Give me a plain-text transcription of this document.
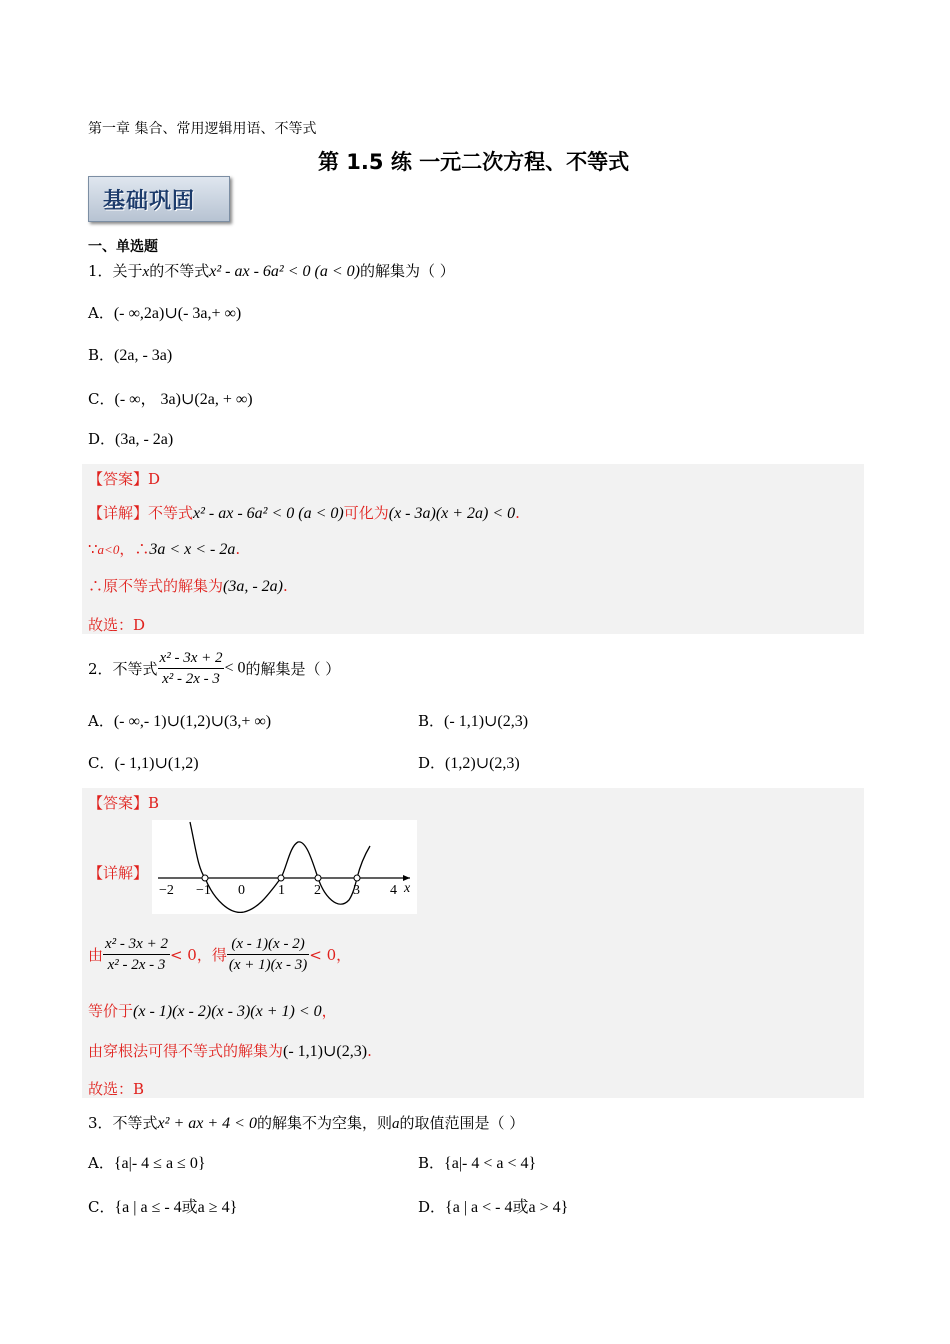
第一章 集合、常用逻辑用语、不等式
第 1.5 练 一元二次方程、不等式
基础巩固
一、单选题
1．关于x的不等式x² - ax - 6a² < 0 (a < 0)的解集为（ ）
A．(- ∞,2a)∪(- 3a,+ ∞)
B．(2a, - 3a)
C．(- ∞， 3a)∪(2a, + ∞)
D．(3a, - 2a)
【答案】D
【详解】不等式x² - ax - 6a² < 0 (a < 0)可化为(x - 3a)(x + 2a) < 0.
∵a<0，∴3a < x < - 2a.
∴原不等式的解集为(3a, - 2a).
故选：D
2．不等式 $\frac{\text{x² - 3x + 2}}{\text{x² - 2x - 3}} < 0$的解集是（ ）
A．(- ∞,- 1)∪(1,2)∪(3,+ ∞)	B．(- 1,1)∪(2,3)
C．(- 1,1)∪(1,2)	D．(1,2)∪(2,3)
【答案】B
【详解】
−2 −1 0 1 2 3 4 x
由 $\frac{\text{x² - 3x + 2}}{\text{x² - 2x - 3}} < 0$，得 $\frac{(x - 1)(x - 2)}{(x + 1)(x - 3)} < 0$，
等价于(x - 1)(x - 2)(x - 3)(x + 1) < 0，
由穿根法可得不等式的解集为(- 1,1)∪(2,3).
故选：B
3．不等式x² + ax + 4 < 0的解集不为空集，则a的取值范围是（ ）
A．{a|- 4 ≤ a ≤ 0}	B．{a|- 4 < a < 4}
C．{a | a ≤ - 4或a ≥ 4}	D．{a | a < - 4或a > 4}
